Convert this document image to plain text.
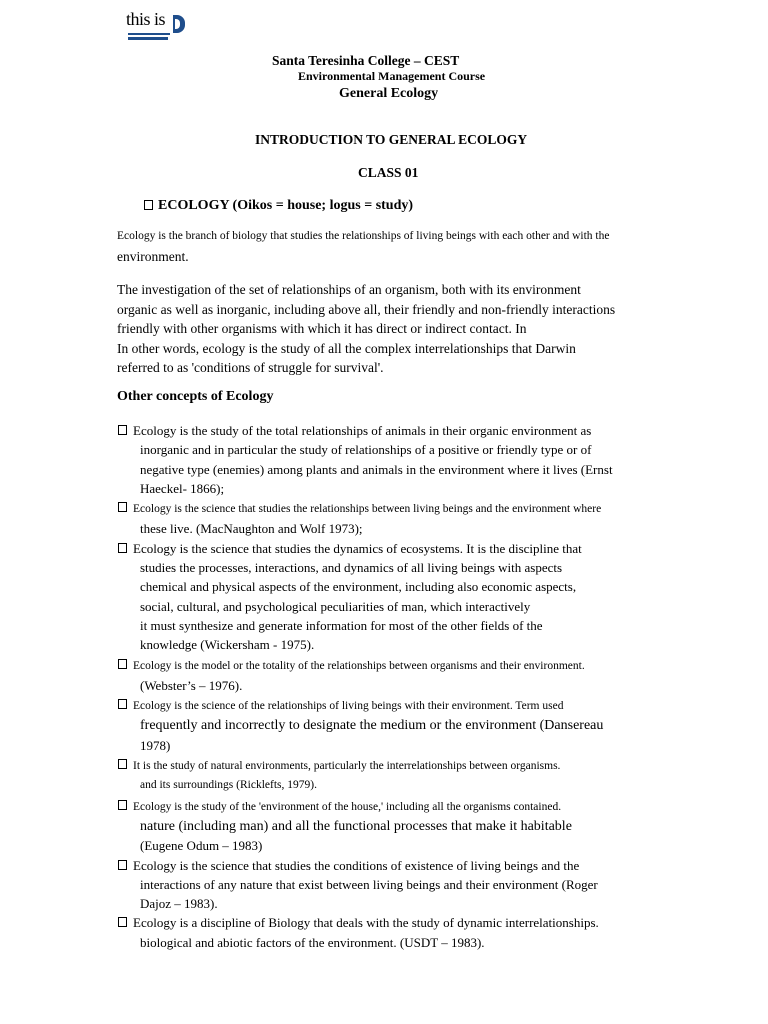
this is
Santa Teresinha College – CEST
Environmental Management Course
General Ecology
INTRODUCTION TO GENERAL ECOLOGY
CLASS 01
ECOLOGY (Oikos = house; logus = study)
Ecology is the branch of biology that studies the relationships of living beings with each other and with the
environment.
The investigation of the set of relationships of an organism, both with its environment
organic as well as inorganic, including above all, their friendly and non-friendly interactions
friendly with other organisms with which it has direct or indirect contact. In
In other words, ecology is the study of all the complex interrelationships that Darwin
referred to as 'conditions of struggle for survival'.
Other concepts of Ecology
Ecology is the study of the total relationships of animals in their organic environment as
inorganic and in particular the study of relationships of a positive or friendly type or of
negative type (enemies) among plants and animals in the environment where it lives (Ernst
Haeckel- 1866);
Ecology is the science that studies the relationships between living beings and the environment where
these live. (MacNaughton and Wolf 1973);
Ecology is the science that studies the dynamics of ecosystems. It is the discipline that
studies the processes, interactions, and dynamics of all living beings with aspects
chemical and physical aspects of the environment, including also economic aspects,
social, cultural, and psychological peculiarities of man, which interactively
it must synthesize and generate information for most of the other fields of the
knowledge (Wickersham - 1975).
Ecology is the model or the totality of the relationships between organisms and their environment.
(Webster’s – 1976).
Ecology is the science of the relationships of living beings with their environment. Term used
frequently and incorrectly to designate the medium or the environment (Dansereau
1978)
It is the study of natural environments, particularly the interrelationships between organisms.
and its surroundings (Ricklefts, 1979).
Ecology is the study of the 'environment of the house,' including all the organisms contained.
nature (including man) and all the functional processes that make it habitable
(Eugene Odum – 1983)
Ecology is the science that studies the conditions of existence of living beings and the
interactions of any nature that exist between living beings and their environment (Roger
Dajoz – 1983).
Ecology is a discipline of Biology that deals with the study of dynamic interrelationships.
biological and abiotic factors of the environment. (USDT – 1983).
